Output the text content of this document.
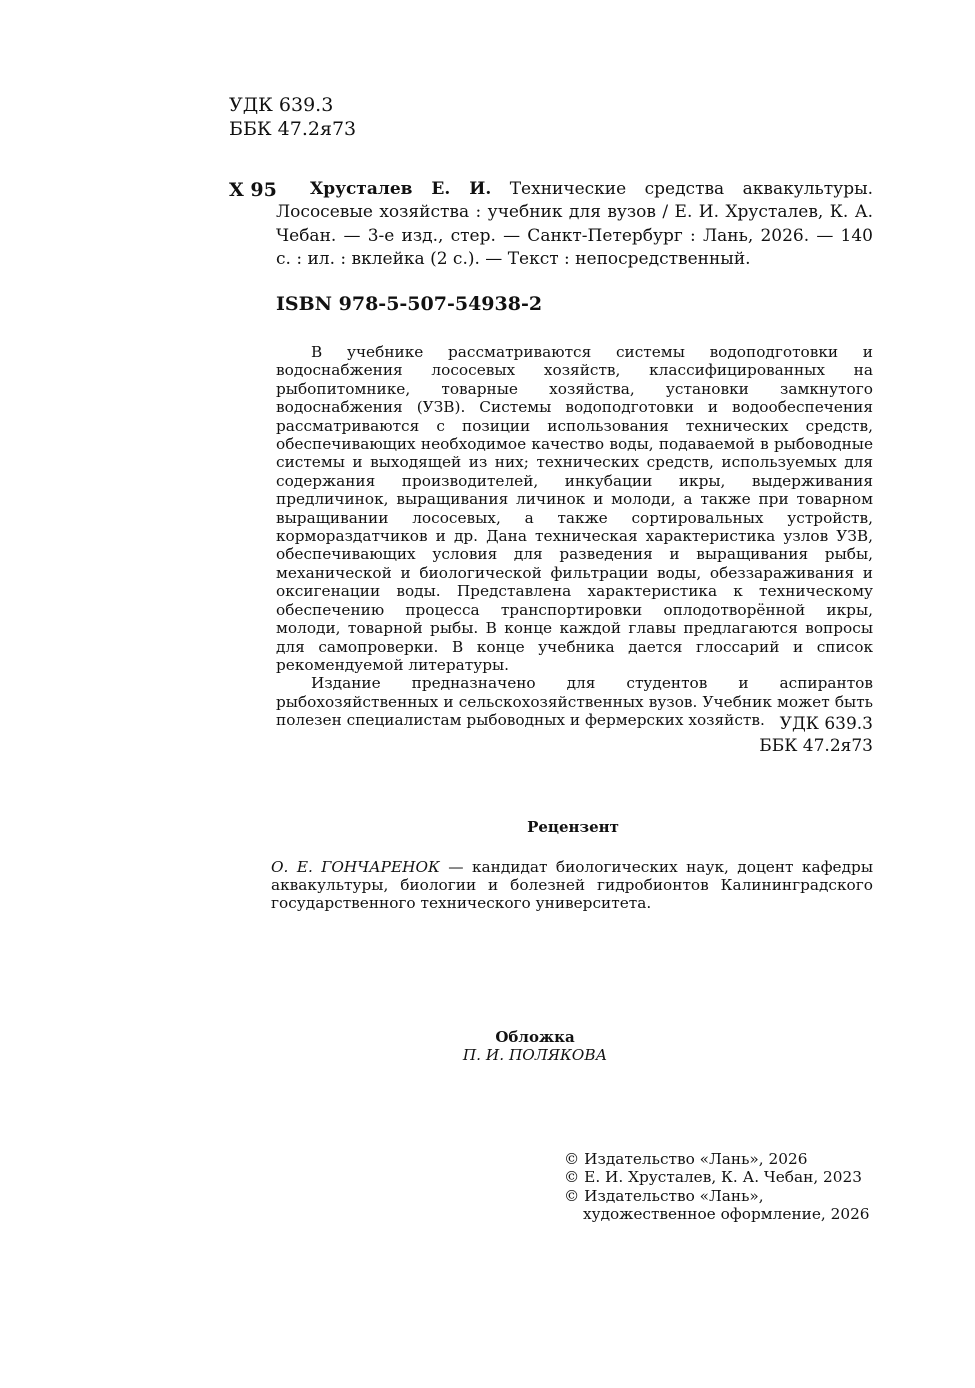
УДК 639.3
ББК 47.2я73
Х 95	Хрусталев Е. И. Технические средства аквакультуры. Лососевые хозяйства : учебник для вузов / Е. И. Хрусталев, К. А. Чебан. — 3-е изд., стер. — Санкт-Петербург : Лань, 2026. — 140 с. : ил. : вклейка (2 с.). — Текст : непосредственный.
ISBN 978-5-507-54938-2

В учебнике рассматриваются системы водоподготовки и водоснабжения лососевых хозяйств, классифицированных на рыбопитомнике, товарные хозяйства, установки замкнутого водоснабжения (УЗВ). Системы водоподготовки и водообеспечения рассматриваются с позиции использования технических средств, обеспечивающих необходимое качество воды, подаваемой в рыбоводные системы и выходящей из них; технических средств, используемых для содержания производителей, инкубации икры, выдерживания предличинок, выращивания личинок и молоди, а также при товарном выращивании лососевых, а также сортировальных устройств, кормораздатчиков и др. Дана техническая характеристика узлов УЗВ, обеспечивающих условия для разведения и выращивания рыбы, механической и биологической фильтрации воды, обеззараживания и оксигенации воды. Представлена характеристика к техническому обеспечению процесса транспортировки оплодотворённой икры, молоди, товарной рыбы. В конце каждой главы предлагаются вопросы для самопроверки. В конце учебника дается глоссарий и список рекомендуемой литературы.

Издание предназначено для студентов и аспирантов рыбохозяйственных и сельскохозяйственных вузов. Учебник может быть полезен специалистам рыбоводных и фермерских хозяйств. УДК 639.3
ББК 47.2я73
Рецензент
О. Е. ГОНЧАРЕНОК — кандидат биологических наук, доцент кафедры аквакультуры, биологии и болезней гидробионтов Калининградского государственного технического университета.
Обложка
П. И. ПОЛЯКОВА
© Издательство «Лань», 2026
© Е. И. Хрусталев, К. А. Чебан, 2023
© Издательство «Лань»,
художественное оформление, 2026
